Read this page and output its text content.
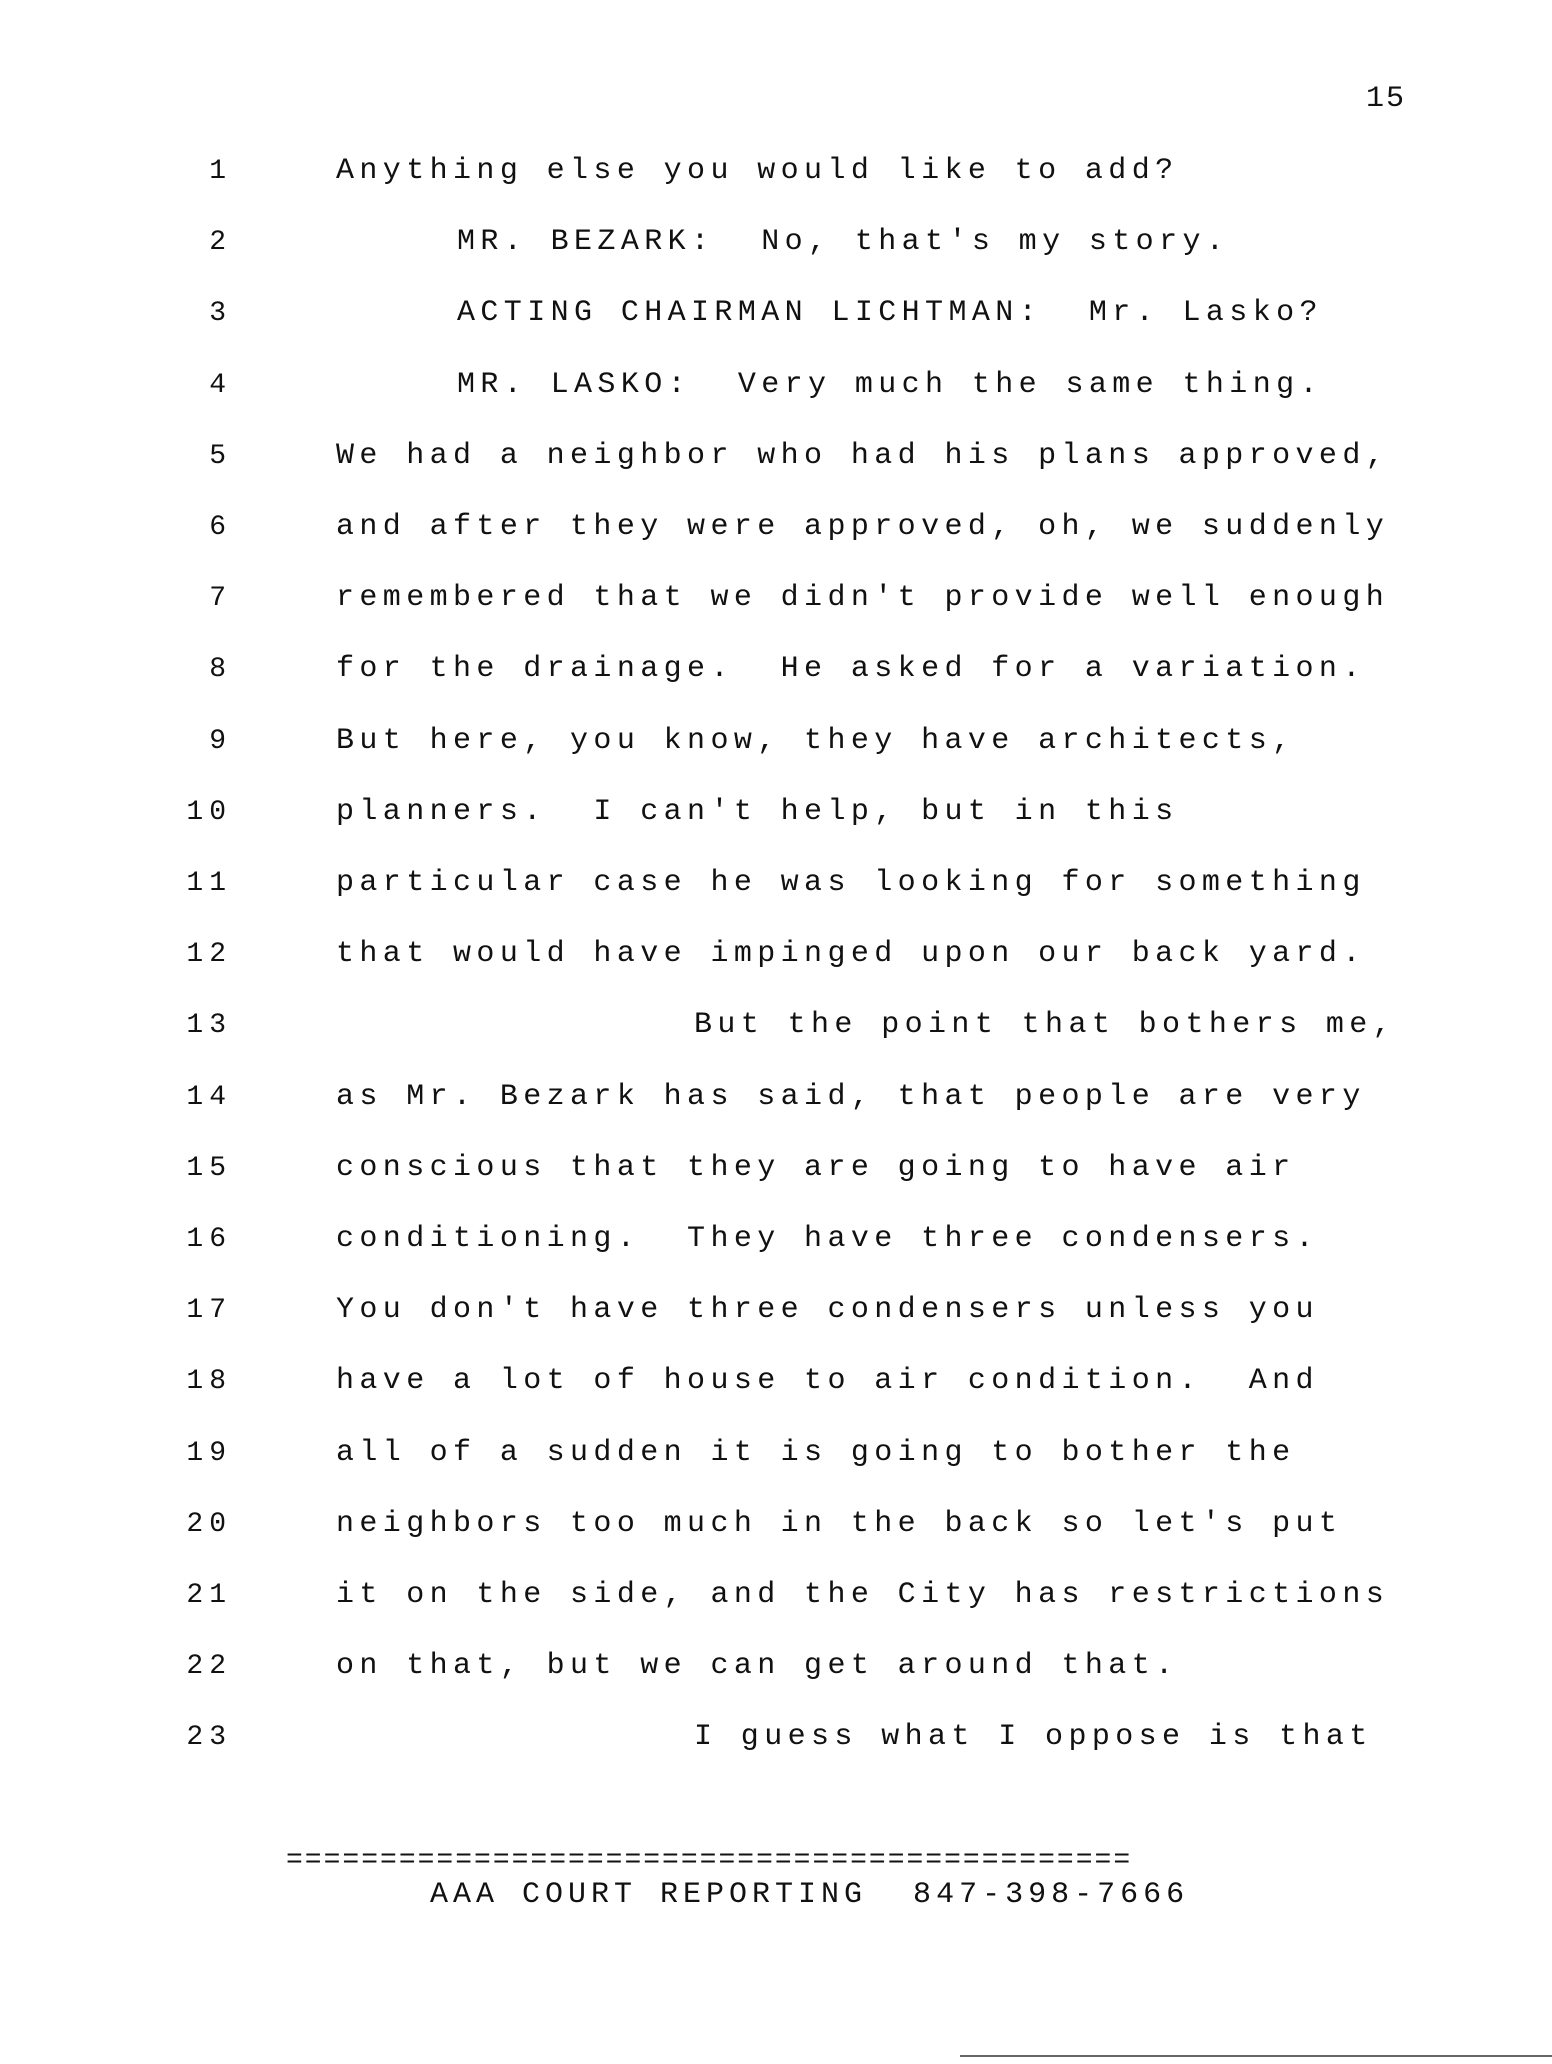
15
1	Anything else you would like to add?
2	MR. BEZARK:  No, that's my story.
3	ACTING CHAIRMAN LICHTMAN:  Mr. Lasko?
4	MR. LASKO:  Very much the same thing.
5	We had a neighbor who had his plans approved,
6	and after they were approved, oh, we suddenly
7	remembered that we didn't provide well enough
8	for the drainage.  He asked for a variation.
9	But here, you know, they have architects,
10	planners.  I can't help, but in this
11	particular case he was looking for something
12	that would have impinged upon our back yard.
13	But the point that bothers me,
14	as Mr. Bezark has said, that people are very
15	conscious that they are going to have air
16	conditioning.  They have three condensers.
17	You don't have three condensers unless you
18	have a lot of house to air condition.  And
19	all of a sudden it is going to bother the
20	neighbors too much in the back so let's put
21	it on the side, and the City has restrictions
22	on that, but we can get around that.
23	I guess what I oppose is that
=============================================
AAA COURT REPORTING  847-398-7666
